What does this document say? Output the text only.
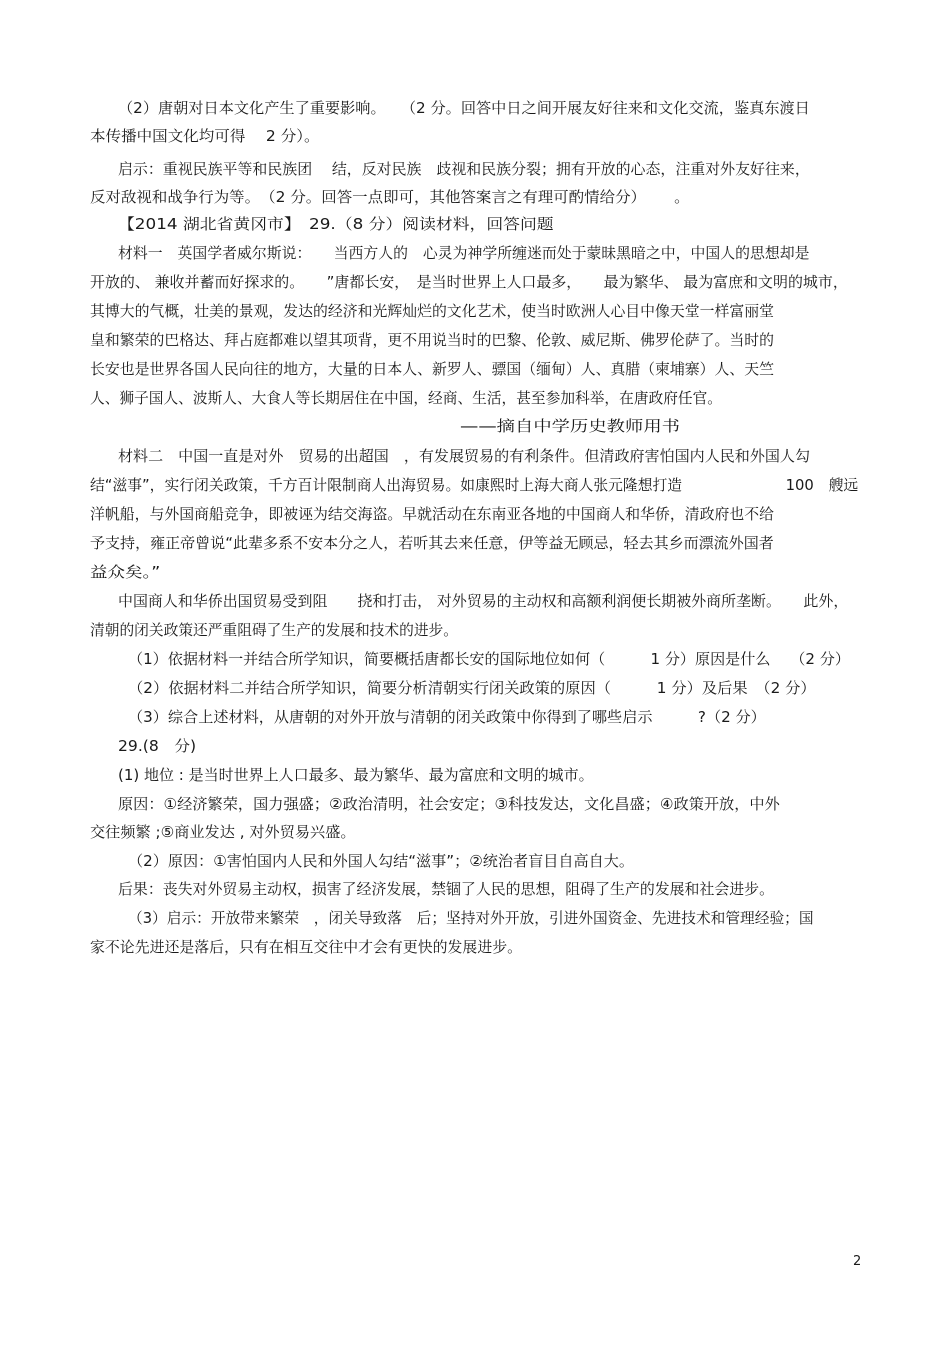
（2）唐朝对日本文化产生了重要影响。　　（2 分。回答中日之间开展友好往来和文化交流，鉴真东渡日
本传播中国文化均可得　 2 分）。
启示：重视民族平等和民族团　 结，反对民族　歧视和民族分裂；拥有开放的心态，注重对外友好往来，
反对敌视和战争行为等。　（2 分。回答一点即可，其他答案言之有理可酌情给分）　　 。
【2014 湖北省黄冈市】　29.（8 分）阅读材料，回答问题
材料一　英国学者威尔斯说：　　当西方人的　心灵为神学所缠迷而处于蒙昧黑暗之中，中国人的思想却是
开放的、 兼收并蓄而好探求的。　　”唐都长安，　是当时世界上人口最多，　　最为繁华、 最为富庶和文明的城市，
其博大的气概，壮美的景观，发达的经济和光辉灿烂的文化艺术，使当时欧洲人心目中像天堂一样富丽堂
皇和繁荣的巴格达、拜占庭都难以望其项背，更不用说当时的巴黎、伦敦、威尼斯、佛罗伦萨了。当时的
长安也是世界各国人民向往的地方，大量的日本人、新罗人、骠国（缅甸）人、真腊（柬埔寨）人、天竺
人、狮子国人、波斯人、大食人等长期居住在中国，经商、生活，甚至参加科举，在唐政府任官。
——摘自中学历史教师用书
材料二　中国一直是对外　贸易的出超国　，有发展贸易的有利条件。但清政府害怕国内人民和外国人勾
结“滋事”，实行闭关政策，千方百计限制商人出海贸易。如康熙时上海大商人张元隆想打造　　　　　　　100　艘远
洋帆船，与外国商船竞争，即被诬为结交海盗。早就活动在东南亚各地的中国商人和华侨，清政府也不给
予支持，雍正帝曾说“此辈多系不安本分之人，若听其去来任意，伊等益无顾忌，轻去其乡而漂流外国者
益众矣。”
中国商人和华侨出国贸易受到阻　　挠和打击， 对外贸易的主动权和高额利润便长期被外商所垄断。　　此外，
清朝的闭关政策还严重阻碍了生产的发展和技术的进步。
（1）依据材料一并结合所学知识，简要概括唐都长安的国际地位如何（　　　1 分）原因是什么　 （2 分）
（2）依据材料二并结合所学知识，简要分析清朝实行闭关政策的原因（　　　1 分）及后果　（2 分）
（3）综合上述材料，从唐朝的对外开放与清朝的闭关政策中你得到了哪些启示　　　?（2 分）
29.(8　分)
(1) 地位 : 是当时世界上人口最多、最为繁华、最为富庶和文明的城市。
原因：①经济繁荣，国力强盛；②政治清明，社会安定；③科技发达，文化昌盛；④政策开放，中外
交往频繁 ;⑤商业发达 , 对外贸易兴盛。
（2）原因：①害怕国内人民和外国人勾结“滋事”；②统治者盲目自高自大。
后果：丧失对外贸易主动权，损害了经济发展，禁锢了人民的思想，阻碍了生产的发展和社会进步。
（3）启示：开放带来繁荣　，闭关导致落　后；坚持对外开放，引进外国资金、先进技术和管理经验；国
家不论先进还是落后，只有在相互交往中才会有更快的发展进步。
2
